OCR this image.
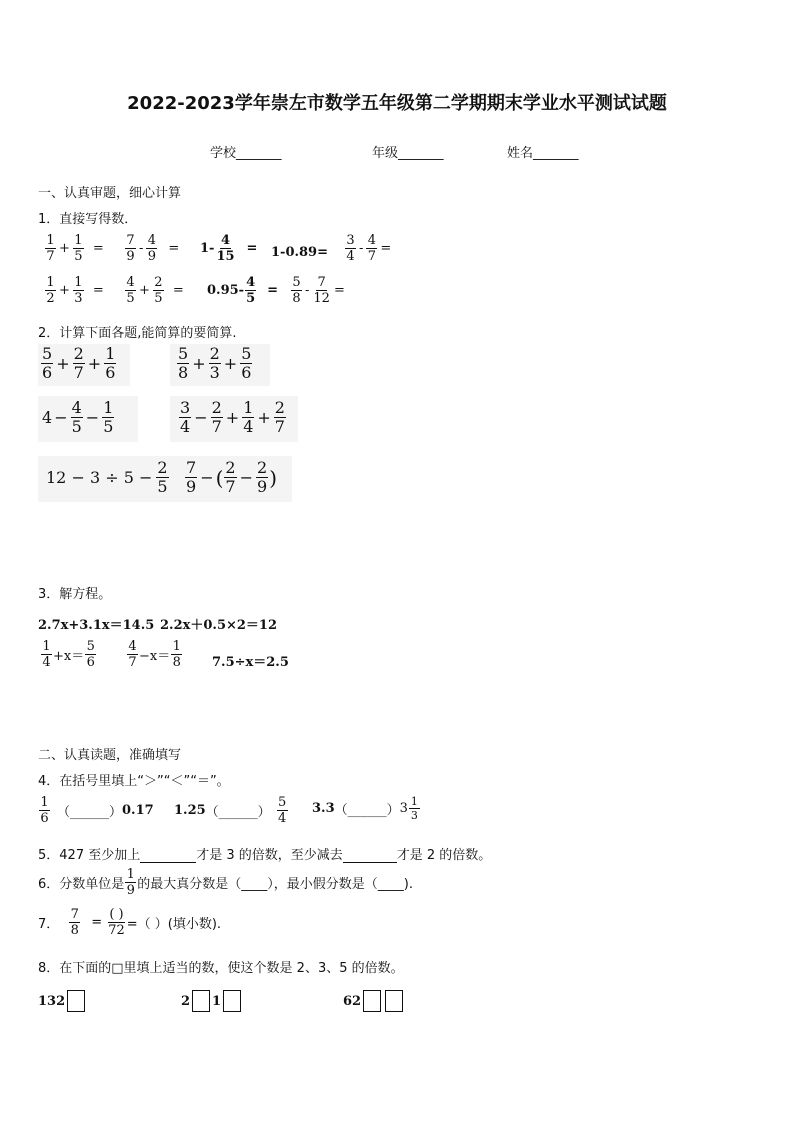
2022-2023学年崇左市数学五年级第二学期期末学业水平测试试题
学校_______	年级_______	姓名_______
一、认真审题，细心计算
1．直接写得数．
$\frac{1}{7} + \frac{1}{5} = \frac{7}{9} - \frac{4}{9} = 1- \frac{4}{15} = 1-0.89= \frac{3}{4} - \frac{4}{7}$ =
$\frac{1}{2} + \frac{1}{3} = \frac{4}{5} + \frac{2}{5} = 0.95- \frac{4}{5} = \frac{5}{8} - \frac{7}{12}$ =
2．计算下面各题,能简算的要简算.
$\frac{5}{6} + \frac{2}{7} + \frac{1}{6}$	$\frac{5}{8} + \frac{2}{3} + \frac{5}{6}$
$4 - \frac{4}{5} - \frac{1}{5}$	$\frac{3}{4} - \frac{2}{7} + \frac{1}{4} + \frac{2}{7}$
$12 - 3 \div 5 - \frac{2}{5} \frac{7}{9}$ − ( $\frac{2}{7} - \frac{2}{9}$ )
3．解方程。
2.7x+3.1x＝14.5 2.2x＋0.5×2＝12
$\frac{1}{4} +x= \frac{5}{6} \frac{4}{7} -x= \frac{1}{8} 7.5\div x=2.5$
二、认真读题，准确填写
4．在括号里填上“＞”“＜”“＝”。
$\frac{1}{6}$ （______） 0.17 1.25 （______） $\frac{5}{4} 3.3$ （______） $3 \frac{1}{3}$
5．427 至少加上	才是 3 的倍数，至少减去	才是 2 的倍数。
6．分数单位是 $\frac{1}{9}$ 的最大真分数是（____），最小假分数是（____).
7． $\frac{7}{8} = \frac{( )}{72}$ =（ ）(填小数).
8．在下面的□里填上适当的数，使这个数是 2、3、5 的倍数。
132	2 1	62
